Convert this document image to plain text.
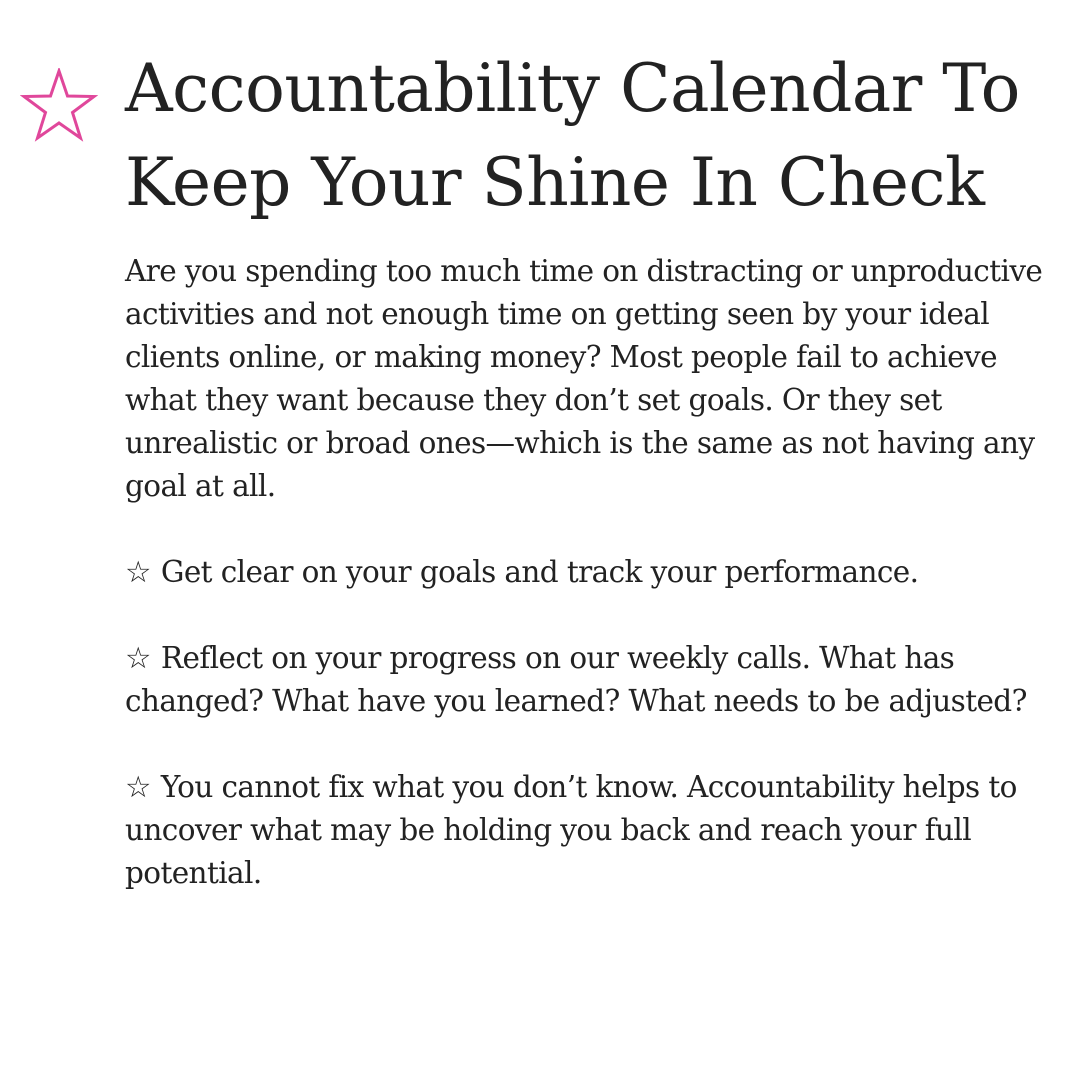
Accountability Calendar To
Keep Your Shine In Check

Are you spending too much time on distracting or unproductive activities and not enough time on getting seen by your ideal clients online, or making money? Most people fail to achieve what they want because they don’t set goals. Or they set unrealistic or broad ones—which is the same as not having any goal at all.

☆ Get clear on your goals and track your performance.

☆ Reflect on your progress on our weekly calls. What has changed? What have you learned? What needs to be adjusted?

☆ You cannot fix what you don’t know. Accountability helps to uncover what may be holding you back and reach your full potential.
